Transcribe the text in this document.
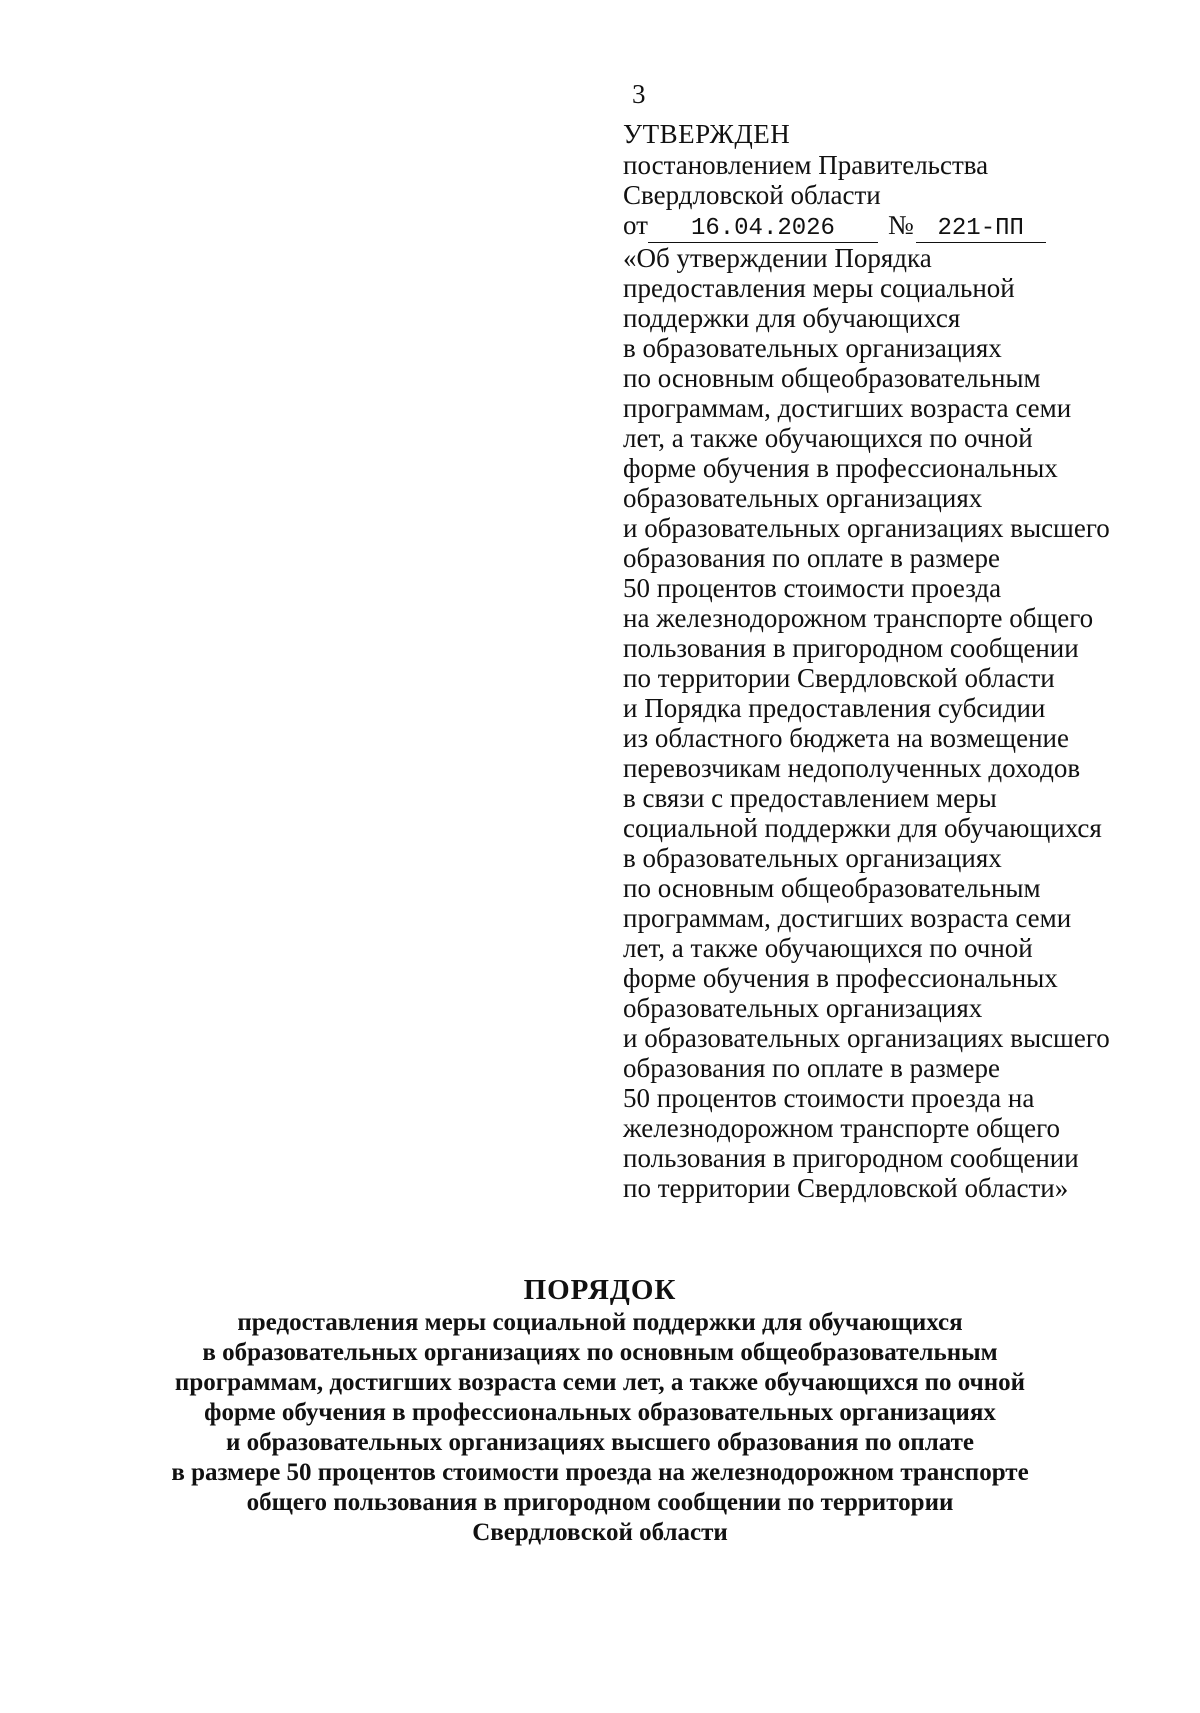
3
УТВЕРЖДЕН
постановлением Правительства
Свердловской области
от 16.04.2026 № 221-ПП
«Об утверждении Порядка
предоставления меры социальной
поддержки для обучающихся
в образовательных организациях
по основным общеобразовательным
программам, достигших возраста семи
лет, а также обучающихся по очной
форме обучения в профессиональных
образовательных организациях
и образовательных организациях высшего
образования по оплате в размере
50 процентов стоимости проезда
на железнодорожном транспорте общего
пользования в пригородном сообщении
по территории Свердловской области
и Порядка предоставления субсидии
из областного бюджета на возмещение
перевозчикам недополученных доходов
в связи с предоставлением меры
социальной поддержки для обучающихся
в образовательных организациях
по основным общеобразовательным
программам, достигших возраста семи
лет, а также обучающихся по очной
форме обучения в профессиональных
образовательных организациях
и образовательных организациях высшего
образования по оплате в размере
50 процентов стоимости проезда на
железнодорожном транспорте общего
пользования в пригородном сообщении
по территории Свердловской области»
ПОРЯДОК
предоставления меры социальной поддержки для обучающихся
в образовательных организациях по основным общеобразовательным
программам, достигших возраста семи лет, а также обучающихся по очной
форме обучения в профессиональных образовательных организациях
и образовательных организациях высшего образования по оплате
в размере 50 процентов стоимости проезда на железнодорожном транспорте
общего пользования в пригородном сообщении по территории
Свердловской области
